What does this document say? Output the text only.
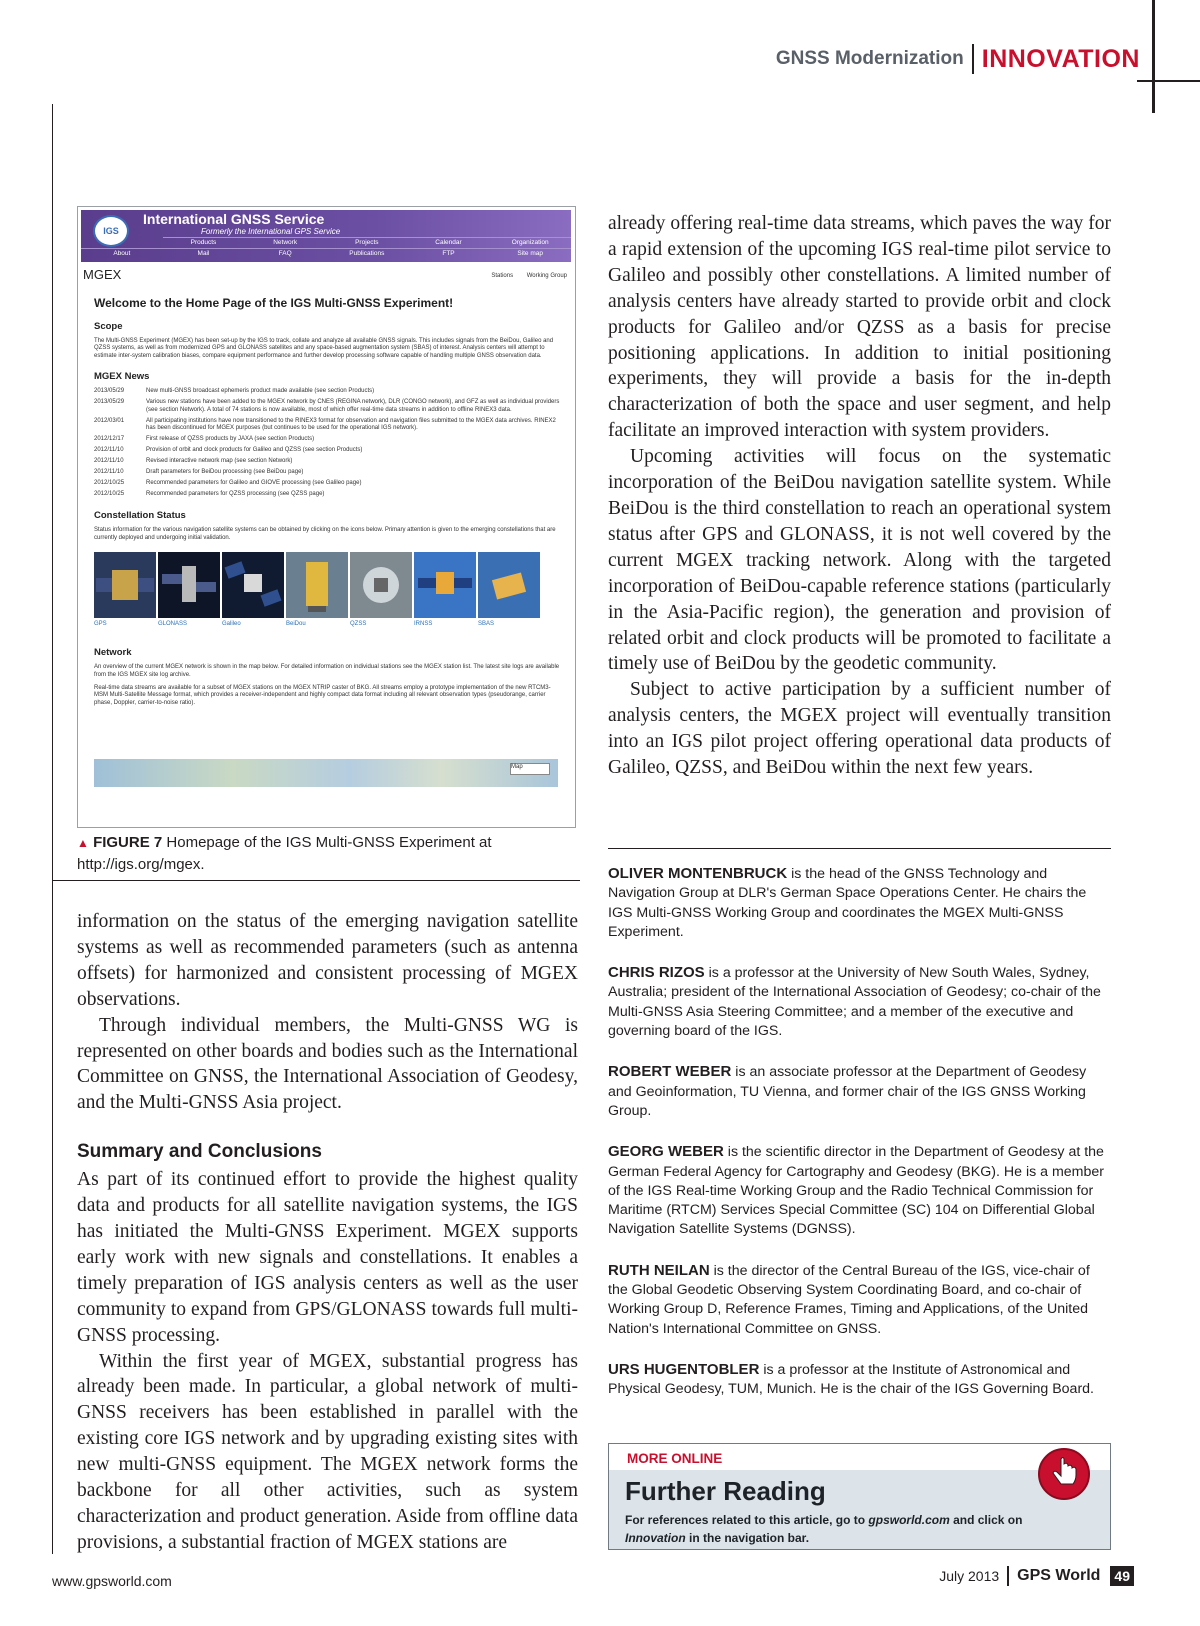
GNSS Modernization INNOVATION
IGS
International GNSS Service
Formerly the International GPS Service
Products	Network	Projects	Calendar	Organization
About	Mail	FAQ	Publications	FTP	Site map
MGEX	Stations Working Group
Welcome to the Home Page of the IGS Multi-GNSS Experiment!
Scope

The Multi-GNSS Experiment (MGEX) has been set-up by the IGS to track, collate and analyze all available GNSS signals. This includes signals from the BeiDou, Galileo and QZSS systems, as well as from modernized GPS and GLONASS satellites and any space-based augmentation system (SBAS) of interest. Analysis centers will attempt to estimate inter-system calibration biases, compare equipment performance and further develop processing software capable of handling multiple GNSS observation data.

MGEX News
2013/05/29	New multi-GNSS broadcast ephemeris product made available (see section Products)
2013/05/29	Various new stations have been added to the MGEX network by CNES (REGINA network), DLR (CONGO network), and GFZ as well as individual providers (see section Network). A total of 74 stations is now available, most of which offer real-time data streams in addition to offline RINEX3 data.
2012/03/01	All participating institutions have now transitioned to the RINEX3 format for observation and navigation files submitted to the MGEX data archives. RINEX2 has been discontinued for MGEX purposes (but continues to be used for the operational IGS network).
2012/12/17	First release of QZSS products by JAXA (see section Products)
2012/11/10	Provision of orbit and clock products for Galileo and QZSS (see section Products)
2012/11/10	Revised interactive network map (see section Network)
2012/11/10	Draft parameters for BeiDou processing (see BeiDou page)
2012/10/25	Recommended parameters for Galileo and GIOVE processing (see Galileo page)
2012/10/25	Recommended parameters for QZSS processing (see QZSS page)
Constellation Status

Status information for the various navigation satellite systems can be obtained by clicking on the icons below. Primary attention is given to the emerging constellations that are currently deployed and undergoing initial validation.

GPS	GLONASS	Galileo	BeiDou	QZSS	IRNSS	SBAS
Network

An overview of the current MGEX network is shown in the map below. For detailed information on individual stations see the MGEX station list. The latest site logs are available from the IGS MGEX site log archive.

Real-time data streams are available for a subset of MGEX stations on the MGEX NTRIP caster of BKG. All streams employ a prototype implementation of the new RTCM3-MSM Multi-Satellite Message format, which provides a receiver-independent and highly compact data format including all relevant observation types (pseudorange, carrier phase, Doppler, carrier-to-noise ratio).

Map
▲ FIGURE 7 Homepage of the IGS Multi-GNSS Experiment at http://igs.org/mgex.

information on the status of the emerging navigation satellite systems as well as recommended parameters (such as antenna offsets) for harmonized and consistent processing of MGEX observations.

Through individual members, the Multi-GNSS WG is represented on other boards and bodies such as the International Committee on GNSS, the International Association of Geodesy, and the Multi-GNSS Asia project.

Summary and Conclusions

As part of its continued effort to provide the highest quality data and products for all satellite navigation systems, the IGS has initiated the Multi-GNSS Experiment. MGEX supports early work with new signals and constellations. It enables a timely preparation of IGS analysis centers as well as the user community to expand from GPS/GLONASS towards full multi-GNSS processing.

Within the first year of MGEX, substantial progress has already been made. In particular, a global network of multi-GNSS receivers has been established in parallel with the existing core IGS network and by upgrading existing sites with new multi-GNSS equipment. The MGEX network forms the backbone for all other activities, such as system characterization and product generation. Aside from offline data provisions, a substantial fraction of MGEX stations are

already offering real-time data streams, which paves the way for a rapid extension of the upcoming IGS real-time pilot service to Galileo and possibly other constellations. A limited number of analysis centers have already started to provide orbit and clock products for Galileo and/or QZSS as a basis for precise positioning applications. In addition to initial positioning experiments, they will provide a basis for the in-depth characterization of both the space and user segment, and help facilitate an improved interaction with system providers.

Upcoming activities will focus on the systematic incorporation of the BeiDou navigation satellite system. While BeiDou is the third constellation to reach an operational system status after GPS and GLONASS, it is not well covered by the current MGEX tracking network. Along with the targeted incorporation of BeiDou-capable reference stations (particularly in the Asia-Pacific region), the generation and provision of related orbit and clock products will be promoted to facilitate a timely use of BeiDou by the geodetic community.

Subject to active participation by a sufficient number of analysis centers, the MGEX project will eventually transition into an IGS pilot project offering operational data products of Galileo, QZSS, and BeiDou within the next few years.

OLIVER MONTENBRUCK is the head of the GNSS Technology and Navigation Group at DLR's German Space Operations Center. He chairs the IGS Multi-GNSS Working Group and coordinates the MGEX Multi-GNSS Experiment.

CHRIS RIZOS is a professor at the University of New South Wales, Sydney, Australia; president of the International Association of Geodesy; co-chair of the Multi-GNSS Asia Steering Committee; and a member of the executive and governing board of the IGS.

ROBERT WEBER is an associate professor at the Department of Geodesy and Geoinformation, TU Vienna, and former chair of the IGS GNSS Working Group.

GEORG WEBER is the scientific director in the Department of Geodesy at the German Federal Agency for Cartography and Geodesy (BKG). He is a member of the IGS Real-time Working Group and the Radio Technical Commission for Maritime (RTCM) Services Special Committee (SC) 104 on Differential Global Navigation Satellite Systems (DGNSS).

RUTH NEILAN is the director of the Central Bureau of the IGS, vice-chair of the Global Geodetic Observing System Coordinating Board, and co-chair of Working Group D, Reference Frames, Timing and Applications, of the United Nation's International Committee on GNSS.

URS HUGENTOBLER is a professor at the Institute of Astronomical and Physical Geodesy, TUM, Munich. He is the chair of the IGS Governing Board.

MORE ONLINE
Further Reading
For references related to this article, go to gpsworld.com and click on Innovation in the navigation bar.
www.gpsworld.com	July 2013 GPS World 49
